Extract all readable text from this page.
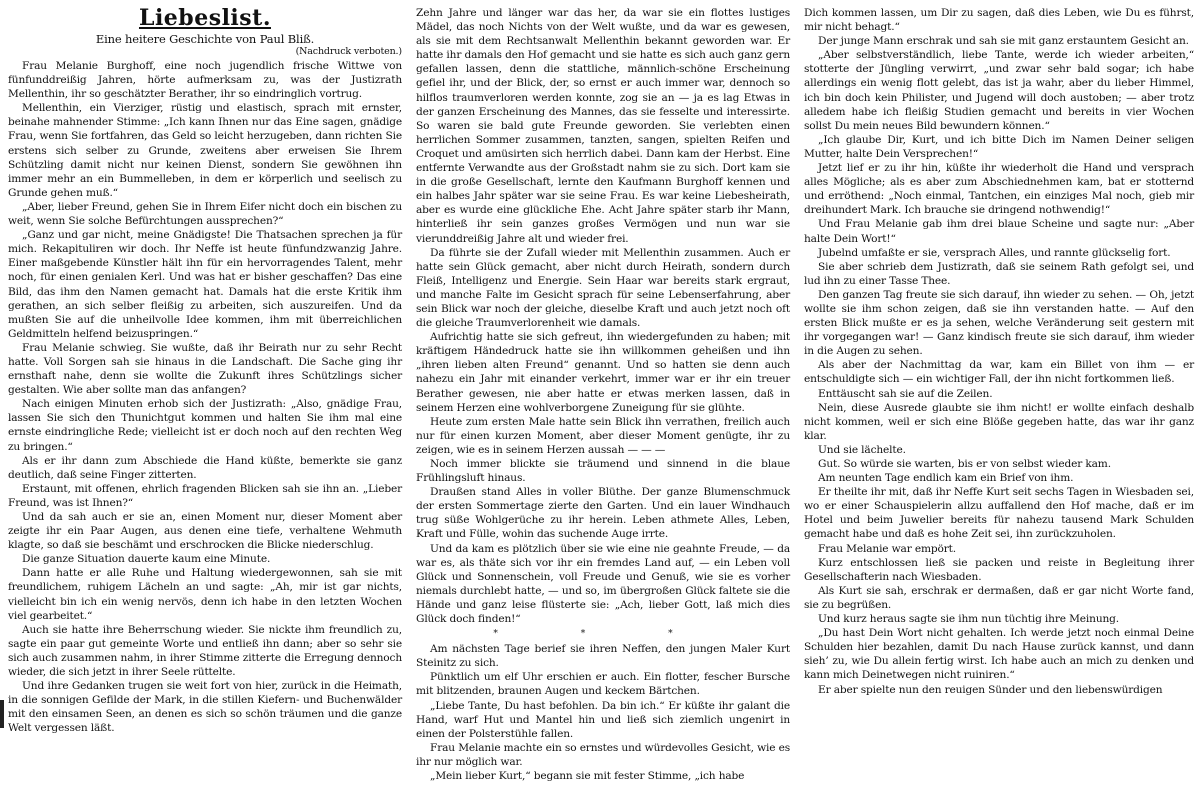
Liebeslist.
Eine heitere Geschichte von Paul Bliß.
(Nachdruck verboten.)

Frau Melanie Burghoff, eine noch jugendlich frische Wittwe von fünfunddreißig Jahren, hörte aufmerksam zu, was der Justizrath Mellenthin, ihr so geschätzter Berather, ihr so eindringlich vortrug.

Mellenthin, ein Vierziger, rüstig und elastisch, sprach mit ernster, beinahe mahnender Stimme: „Ich kann Ihnen nur das Eine sagen, gnädige Frau, wenn Sie fortfahren, das Geld so leicht herzugeben, dann richten Sie erstens sich selber zu Grunde, zweitens aber erweisen Sie Ihrem Schützling damit nicht nur keinen Dienst, sondern Sie gewöhnen ihn immer mehr an ein Bummelleben, in dem er körperlich und seelisch zu Grunde gehen muß.“

„Aber, lieber Freund, gehen Sie in Ihrem Eifer nicht doch ein bischen zu weit, wenn Sie solche Befürchtungen aussprechen?“

„Ganz und gar nicht, meine Gnädigste! Die Thatsachen sprechen ja für mich. Rekapituliren wir doch. Ihr Neffe ist heute fünfundzwanzig Jahre. Einer maßgebende Künstler hält ihn für ein hervorragendes Talent, mehr noch, für einen genialen Kerl. Und was hat er bisher geschaffen? Das eine Bild, das ihm den Namen gemacht hat. Damals hat die erste Kritik ihm gerathen, an sich selber fleißig zu arbeiten, sich auszureifen. Und da mußten Sie auf die unheilvolle Idee kommen, ihm mit überreichlichen Geldmitteln helfend beizuspringen.“

Frau Melanie schwieg. Sie wußte, daß ihr Beirath nur zu sehr Recht hatte. Voll Sorgen sah sie hinaus in die Landschaft. Die Sache ging ihr ernsthaft nahe, denn sie wollte die Zukunft ihres Schützlings sicher gestalten. Wie aber sollte man das anfangen?

Nach einigen Minuten erhob sich der Justizrath: „Also, gnädige Frau, lassen Sie sich den Thunichtgut kommen und halten Sie ihm mal eine ernste eindringliche Rede; vielleicht ist er doch noch auf den rechten Weg zu bringen.“

Als er ihr dann zum Abschiede die Hand küßte, bemerkte sie ganz deutlich, daß seine Finger zitterten.

Erstaunt, mit offenen, ehrlich fragenden Blicken sah sie ihn an. „Lieber Freund, was ist Ihnen?“

Und da sah auch er sie an, einen Moment nur, dieser Moment aber zeigte ihr ein Paar Augen, aus denen eine tiefe, verhaltene Wehmuth klagte, so daß sie beschämt und erschrocken die Blicke niederschlug.

Die ganze Situation dauerte kaum eine Minute.

Dann hatte er alle Ruhe und Haltung wiedergewonnen, sah sie mit freundlichem, ruhigem Lächeln an und sagte: „Ah, mir ist gar nichts, vielleicht bin ich ein wenig nervös, denn ich habe in den letzten Wochen viel gearbeitet.“

Auch sie hatte ihre Beherrschung wieder. Sie nickte ihm freundlich zu, sagte ein paar gut gemeinte Worte und entließ ihn dann; aber so sehr sie sich auch zusammen nahm, in ihrer Stimme zitterte die Erregung dennoch wieder, die sich jetzt in ihrer Seele rüttelte.

Und ihre Gedanken trugen sie weit fort von hier, zurück in die Heimath, in die sonnigen Gefilde der Mark, in die stillen Kiefern- und Buchenwälder mit den einsamen Seen, an denen es sich so schön träumen und die ganze Welt vergessen läßt.

Zehn Jahre und länger war das her, da war sie ein flottes lustiges Mädel, das noch Nichts von der Welt wußte, und da war es gewesen, als sie mit dem Rechtsanwalt Mellenthin bekannt geworden war. Er hatte ihr damals den Hof gemacht und sie hatte es sich auch ganz gern gefallen lassen, denn die stattliche, männlich-schöne Erscheinung gefiel ihr, und der Blick, der, so ernst er auch immer war, dennoch so hilflos traumverloren werden konnte, zog sie an — ja es lag Etwas in der ganzen Erscheinung des Mannes, das sie fesselte und interessirte. So waren sie bald gute Freunde geworden. Sie verlebten einen herrlichen Sommer zusammen, tanzten, sangen, spielten Reifen und Croquet und amüsirten sich herrlich dabei. Dann kam der Herbst. Eine entfernte Verwandte aus der Großstadt nahm sie zu sich. Dort kam sie in die große Gesellschaft, lernte den Kaufmann Burghoff kennen und ein halbes Jahr später war sie seine Frau. Es war keine Liebesheirath, aber es wurde eine glückliche Ehe. Acht Jahre später starb ihr Mann, hinterließ ihr sein ganzes großes Vermögen und nun war sie vierunddreißig Jahre alt und wieder frei.

Da führte sie der Zufall wieder mit Mellenthin zusammen. Auch er hatte sein Glück gemacht, aber nicht durch Heirath, sondern durch Fleiß, Intelligenz und Energie. Sein Haar war bereits stark ergraut, und manche Falte im Gesicht sprach für seine Lebenserfahrung, aber sein Blick war noch der gleiche, dieselbe Kraft und auch jetzt noch oft die gleiche Traumverlorenheit wie damals.

Aufrichtig hatte sie sich gefreut, ihn wiedergefunden zu haben; mit kräftigem Händedruck hatte sie ihn willkommen geheißen und ihn „ihren lieben alten Freund“ genannt. Und so hatten sie denn auch nahezu ein Jahr mit einander verkehrt, immer war er ihr ein treuer Berather gewesen, nie aber hatte er etwas merken lassen, daß in seinem Herzen eine wohlverborgene Zuneigung für sie glühte.

Heute zum ersten Male hatte sein Blick ihn verrathen, freilich auch nur für einen kurzen Moment, aber dieser Moment genügte, ihr zu zeigen, wie es in seinem Herzen aussah — — —

Noch immer blickte sie träumend und sinnend in die blaue Frühlingsluft hinaus.

Draußen stand Alles in voller Blüthe. Der ganze Blumenschmuck der ersten Sommertage zierte den Garten. Und ein lauer Windhauch trug süße Wohlgerüche zu ihr herein. Leben athmete Alles, Leben, Kraft und Fülle, wohin das suchende Auge irrte.

Und da kam es plötzlich über sie wie eine nie geahnte Freude, — da war es, als thäte sich vor ihr ein fremdes Land auf, — ein Leben voll Glück und Sonnenschein, voll Freude und Genuß, wie sie es vorher niemals durchlebt hatte, — und so, im übergroßen Glück faltete sie die Hände und ganz leise flüsterte sie: „Ach, lieber Gott, laß mich dies Glück doch finden!“

* * *

Am nächsten Tage berief sie ihren Neffen, den jungen Maler Kurt Steinitz zu sich.

Pünktlich um elf Uhr erschien er auch. Ein flotter, fescher Bursche mit blitzenden, braunen Augen und keckem Bärtchen.

„Liebe Tante, Du hast befohlen. Da bin ich.“ Er küßte ihr galant die Hand, warf Hut und Mantel hin und ließ sich ziemlich ungenirt in einen der Polsterstühle fallen.

Frau Melanie machte ein so ernstes und würdevolles Gesicht, wie es ihr nur möglich war.

„Mein lieber Kurt,“ begann sie mit fester Stimme, „ich habe

Dich kommen lassen, um Dir zu sagen, daß dies Leben, wie Du es führst, mir nicht behagt.“

Der junge Mann erschrak und sah sie mit ganz erstauntem Gesicht an.

„Aber selbstverständlich, liebe Tante, werde ich wieder arbeiten,“ stotterte der Jüngling verwirrt, „und zwar sehr bald sogar; ich habe allerdings ein wenig flott gelebt, das ist ja wahr, aber du lieber Himmel, ich bin doch kein Philister, und Jugend will doch austoben; — aber trotz alledem habe ich fleißig Studien gemacht und bereits in vier Wochen sollst Du mein neues Bild bewundern können.“

„Ich glaube Dir, Kurt, und ich bitte Dich im Namen Deiner seligen Mutter, halte Dein Versprechen!“

Jetzt lief er zu ihr hin, küßte ihr wiederholt die Hand und versprach alles Mögliche; als es aber zum Abschiednehmen kam, bat er stotternd und erröthend: „Noch einmal, Tantchen, ein einziges Mal noch, gieb mir dreihundert Mark. Ich brauche sie dringend nothwendig!“

Und Frau Melanie gab ihm drei blaue Scheine und sagte nur: „Aber halte Dein Wort!“

Jubelnd umfaßte er sie, versprach Alles, und rannte glückselig fort.

Sie aber schrieb dem Justizrath, daß sie seinem Rath gefolgt sei, und lud ihn zu einer Tasse Thee.

Den ganzen Tag freute sie sich darauf, ihn wieder zu sehen. — Oh, jetzt wollte sie ihm schon zeigen, daß sie ihn verstanden hatte. — Auf den ersten Blick mußte er es ja sehen, welche Veränderung seit gestern mit ihr vorgegangen war! — Ganz kindisch freute sie sich darauf, ihm wieder in die Augen zu sehen.

Als aber der Nachmittag da war, kam ein Billet von ihm — er entschuldigte sich — ein wichtiger Fall, der ihn nicht fortkommen ließ.

Enttäuscht sah sie auf die Zeilen.

Nein, diese Ausrede glaubte sie ihm nicht! er wollte einfach deshalb nicht kommen, weil er sich eine Blöße gegeben hatte, das war ihr ganz klar.

Und sie lächelte.

Gut. So würde sie warten, bis er von selbst wieder kam.

Am neunten Tage endlich kam ein Brief von ihm.

Er theilte ihr mit, daß ihr Neffe Kurt seit sechs Tagen in Wiesbaden sei, wo er einer Schauspielerin allzu auffallend den Hof mache, daß er im Hotel und beim Juwelier bereits für nahezu tausend Mark Schulden gemacht habe und daß es hohe Zeit sei, ihn zurückzuholen.

Frau Melanie war empört.

Kurz entschlossen ließ sie packen und reiste in Begleitung ihrer Gesellschafterin nach Wiesbaden.

Als Kurt sie sah, erschrak er dermaßen, daß er gar nicht Worte fand, sie zu begrüßen.

Und kurz heraus sagte sie ihm nun tüchtig ihre Meinung.

„Du hast Dein Wort nicht gehalten. Ich werde jetzt noch einmal Deine Schulden hier bezahlen, damit Du nach Hause zurück kannst, und dann sieh’ zu, wie Du allein fertig wirst. Ich habe auch an mich zu denken und kann mich Deinetwegen nicht ruiniren.“

Er aber spielte nun den reuigen Sünder und den liebenswürdigen
